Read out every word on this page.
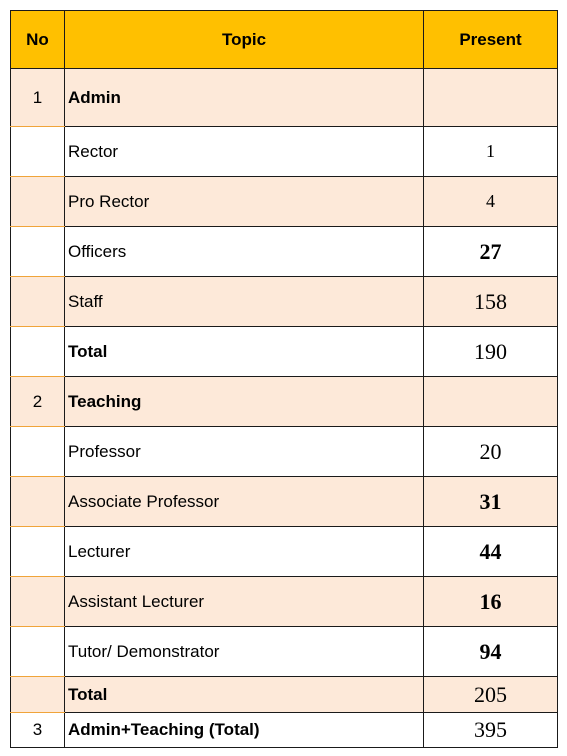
No	Topic	Present
1	Admin	
	Rector	1
	Pro Rector	4
	Officers	27
	Staff	158
	Total	190
2	Teaching	
	Professor	20
	Associate Professor	31
	Lecturer	44
	Assistant Lecturer	16
	Tutor/ Demonstrator	94
	Total	205
3	Admin+Teaching (Total)	395
